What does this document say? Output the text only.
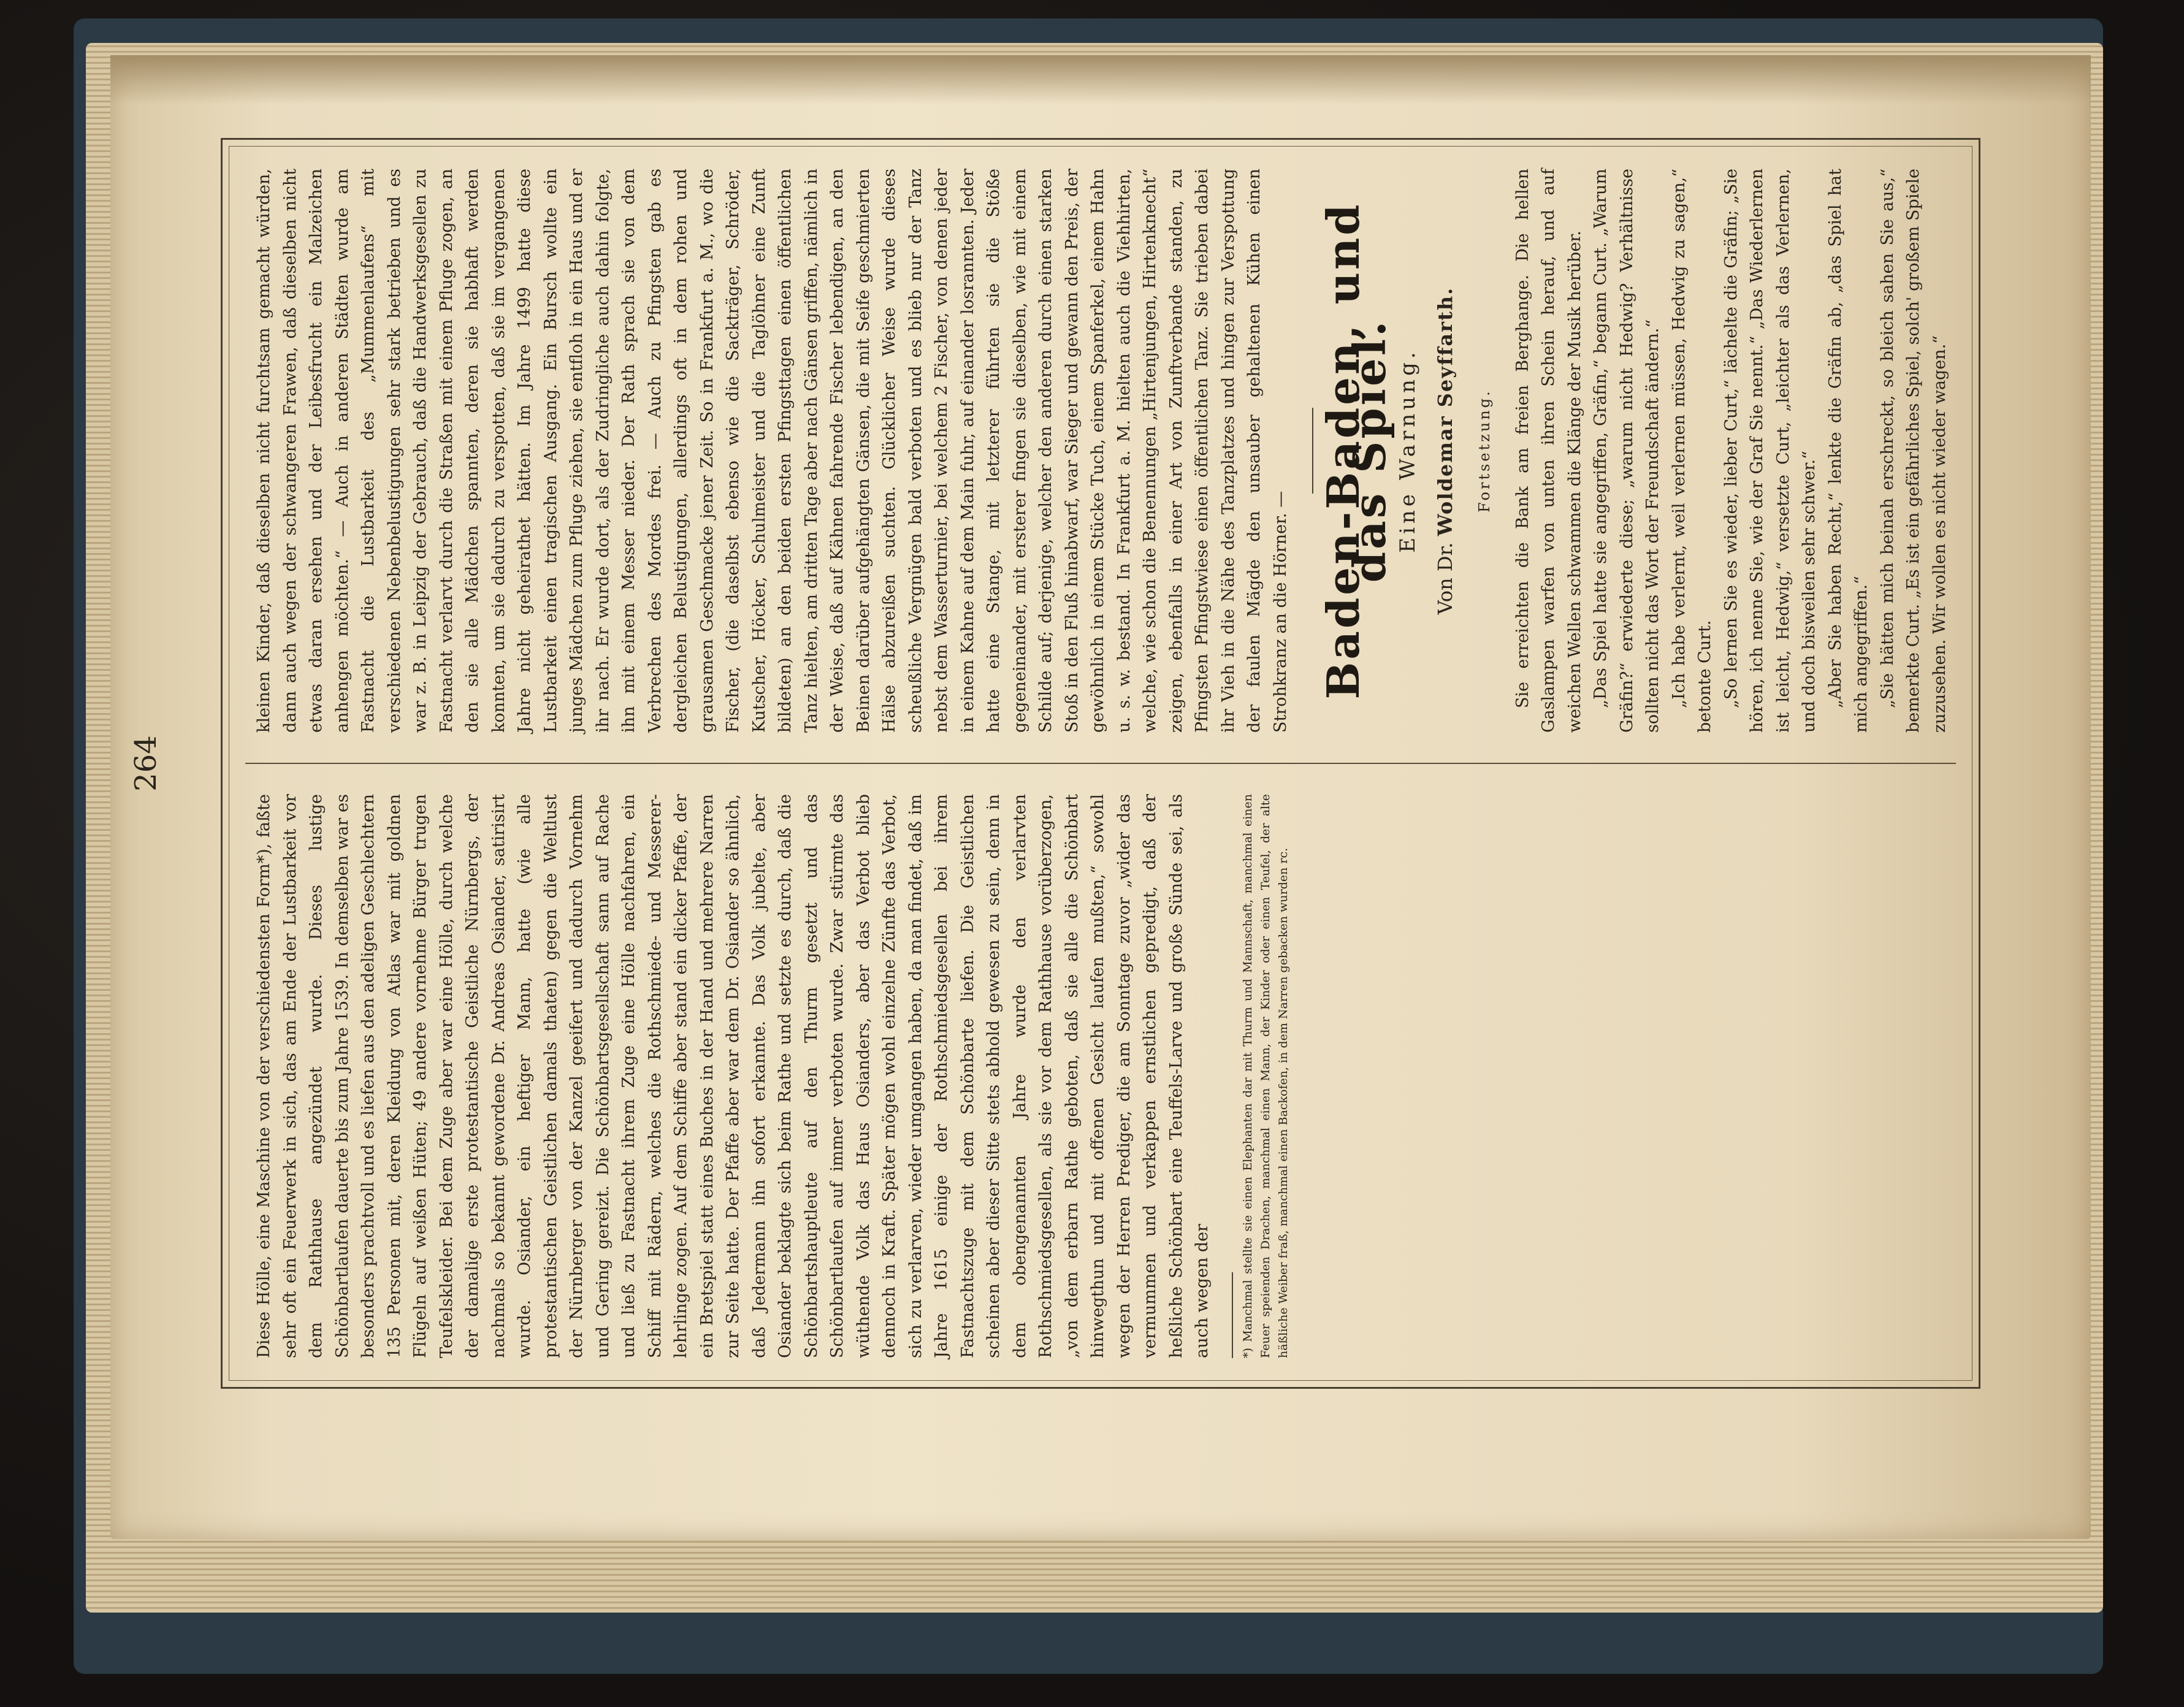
264

Diese Hölle, eine Maschine von der verschiedensten Form*), faßte sehr oft ein Feuerwerk in sich, das am Ende der Lustbarkeit vor dem Rathhause angezündet wurde. Dieses lustige Schönbartlaufen dauerte bis zum Jahre 1539. In demselben war es besonders prachtvoll und es liefen aus den adeligen Geschlechtern 135 Personen mit, deren Kleidung von Atlas war mit goldnen Flügeln auf weißen Hüten; 49 andere vornehme Bürger trugen Teufelskleider. Bei dem Zuge aber war eine Hölle, durch welche der damalige erste protestantische Geistliche Nürnbergs, der nachmals so bekannt gewordene Dr. Andreas Osiander, satirisirt wurde. Osiander, ein heftiger Mann, hatte (wie alle protestantischen Geistlichen damals thaten) gegen die Weltlust der Nürnberger von der Kanzel geeifert und dadurch Vornehm und Gering gereizt. Die Schönbartsgesellschaft sann auf Rache und ließ zu Fastnacht ihrem Zuge eine Hölle nachfahren, ein Schiff mit Rädern, welches die Rothschmiede- und Messerer-lehrlinge zogen. Auf dem Schiffe aber stand ein dicker Pfaffe, der ein Bretspiel statt eines Buches in der Hand und mehrere Narren zur Seite hatte. Der Pfaffe aber war dem Dr. Osiander so ähnlich, daß Jedermann ihn sofort erkannte. Das Volk jubelte, aber Osiander beklagte sich beim Rathe und setzte es durch, daß die Schönbartshauptleute auf den Thurm gesetzt und das Schönbartlaufen auf immer verboten wurde. Zwar stürmte das wüthende Volk das Haus Osianders, aber das Verbot blieb dennoch in Kraft. Später mögen wohl einzelne Zünfte das Verbot, sich zu verlarven, wieder umgangen haben, da man findet, daß im Jahre 1615 einige der Rothschmiedsgesellen bei ihrem Fastnachtszuge mit dem Schönbarte liefen. Die Geistlichen scheinen aber dieser Sitte stets abhold gewesen zu sein, denn in dem obengenannten Jahre wurde den verlarvten Rothschmiedsgesellen, als sie vor dem Rathhause vorüberzogen, „von dem erbarn Rathe geboten, daß sie alle die Schönbart hinwegthun und mit offenen Gesicht laufen mußten,“ sowohl wegen der Herren Prediger, die am Sonntage zuvor „wider das vermummen und verkappen ernstlichen gepredigt, daß der heßliche Schönbart eine Teuffels-Larve und große Sünde sei, als auch wegen der	*) Manchmal stellte sie einen Elephanten dar mit Thurm und Mannschaft, manchmal einen Feuer speienden Drachen, manchmal einen Mann, der Kinder oder einen Teufel, der alte häßliche Weiber fraß, manchmal einen Backofen, in dem Narren gebacken wurden rc.

kleinen Kinder, daß dieselben nicht furchtsam gemacht würden, dann auch wegen der schwangeren Frawen, daß dieselben nicht etwas daran ersehen und der Leibesfrucht ein Malzeichen anhengen möchten.“ — Auch in anderen Städten wurde am Fastnacht die Lustbarkeit des „Mummenlaufens“ mit verschiedenen Nebenbelustigungen sehr stark betrieben und es war z. B. in Leipzig der Gebrauch, daß die Handwerksgesellen zu Fastnacht verlarvt durch die Straßen mit einem Pfluge zogen, an den sie alle Mädchen spannten, deren sie habhaft werden konnten, um sie dadurch zu verspotten, daß sie im vergangenen Jahre nicht geheirathet hätten. Im Jahre 1499 hatte diese Lustbarkeit einen tragischen Ausgang. Ein Bursch wollte ein junges Mädchen zum Pfluge ziehen, sie entfloh in ein Haus und er ihr nach. Er wurde dort, als der Zudringliche auch dahin folgte, ihn mit einem Messer nieder. Der Rath sprach sie von dem Verbrechen des Mordes frei. — Auch zu Pfingsten gab es dergleichen Belustigungen, allerdings oft in dem rohen und grausamen Geschmacke jener Zeit. So in Frankfurt a. M., wo die Fischer, (die daselbst ebenso wie die Sackträger, Schröder, Kutscher, Höcker, Schulmeister und die Taglöhner eine Zunft bildeten) an den beiden ersten Pfingsttagen einen öffentlichen Tanz hielten, am dritten Tage aber nach Gänsen griffen, nämlich in der Weise, daß auf Kähnen fahrende Fischer lebendigen, an den Beinen darüber aufgehängten Gänsen, die mit Seife geschmierten Hälse abzureißen suchten. Glücklicher Weise wurde dieses scheußliche Vergnügen bald verboten und es blieb nur der Tanz nebst dem Wasserturnier, bei welchem 2 Fischer, von denen jeder in einem Kahne auf dem Main fuhr, auf einander losrannten. Jeder hatte eine Stange, mit letzterer führten sie die Stöße gegeneinander, mit ersterer fingen sie dieselben, wie mit einem Schilde auf; derjenige, welcher den anderen durch einen starken Stoß in den Fluß hinabwarf, war Sieger und gewann den Preis, der gewöhnlich in einem Stücke Tuch, einem Spanferkel, einem Hahn u. s. w. bestand. In Frankfurt a. M. hielten auch die Viehhirten, welche, wie schon die Benennungen „Hirtenjungen, Hirtenknecht“ zeigen, ebenfalls in einer Art von Zunftverbande standen, zu Pfingsten Pfingstwiese einen öffentlichen Tanz. Sie trieben dabei ihr Vieh in die Nähe des Tanzplatzes und hingen zur Verspottung der faulen Mägde den unsauber gehaltenen Kühen einen Strohkranz an die Hörner. — Baden-Baden, und das Spiel. Eine Warnung.
Von Dr. Woldemar Seyffarth. Fortsetzung. Sie erreichten die Bank am freien Berghange. Die hellen Gaslampen warfen von unten ihren Schein herauf, und auf weichen Wellen schwammen die Klänge der Musik herüber. „Das Spiel hatte sie angegriffen, Gräfin,“ begann Curt. „Warum Gräfin?“ erwiederte diese; „warum nicht Hedwig? Verhältnisse sollten nicht das Wort der Freundschaft ändern.“ „Ich habe verlernt, weil verlernen müssen, Hedwig zu sagen,“ betonte Curt. „So lernen Sie es wieder, lieber Curt,“ lächelte die Gräfin; „Sie hören, ich nenne Sie, wie der Graf Sie nennt.“ „Das Wiederlernen ist leicht, Hedwig,“ versetzte Curt, „leichter als das Verlernen, und doch bisweilen sehr schwer.“ „Aber Sie haben Recht,“ lenkte die Gräfin ab, „das Spiel hat mich angegriffen.“ „Sie hätten mich beinah erschreckt, so bleich sahen Sie aus,“ bemerkte Curt. „Es ist ein gefährliches Spiel, solch' großem Spiele zuzusehen. Wir wollen es nicht wieder wagen.“
